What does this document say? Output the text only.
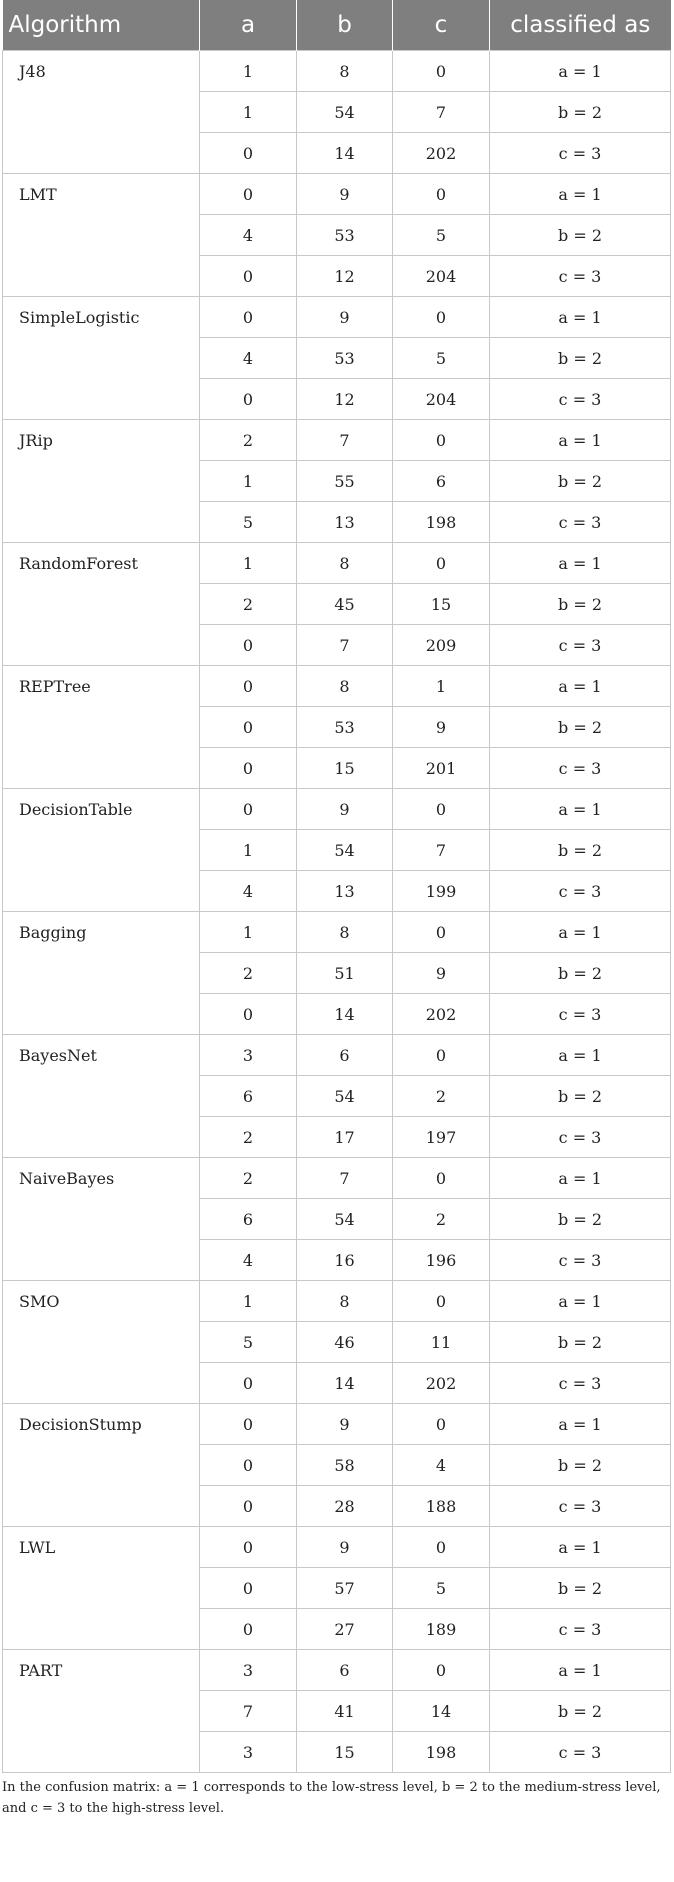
Algorithm	a	b	c	classified as
J48	1	8	0	a = 1
	1	54	7	b = 2
	0	14	202	c = 3
LMT	0	9	0	a = 1
	4	53	5	b = 2
	0	12	204	c = 3
SimpleLogistic	0	9	0	a = 1
	4	53	5	b = 2
	0	12	204	c = 3
JRip	2	7	0	a = 1
	1	55	6	b = 2
	5	13	198	c = 3
RandomForest	1	8	0	a = 1
	2	45	15	b = 2
	0	7	209	c = 3
REPTree	0	8	1	a = 1
	0	53	9	b = 2
	0	15	201	c = 3
DecisionTable	0	9	0	a = 1
	1	54	7	b = 2
	4	13	199	c = 3
Bagging	1	8	0	a = 1
	2	51	9	b = 2
	0	14	202	c = 3
BayesNet	3	6	0	a = 1
	6	54	2	b = 2
	2	17	197	c = 3
NaiveBayes	2	7	0	a = 1
	6	54	2	b = 2
	4	16	196	c = 3
SMO	1	8	0	a = 1
	5	46	11	b = 2
	0	14	202	c = 3
DecisionStump	0	9	0	a = 1
	0	58	4	b = 2
	0	28	188	c = 3
LWL	0	9	0	a = 1
	0	57	5	b = 2
	0	27	189	c = 3
PART	3	6	0	a = 1
	7	41	14	b = 2
	3	15	198	c = 3

In the confusion matrix: a = 1 corresponds to the low-stress level, b = 2 to the medium-stress level, and c = 3 to the high-stress level.
